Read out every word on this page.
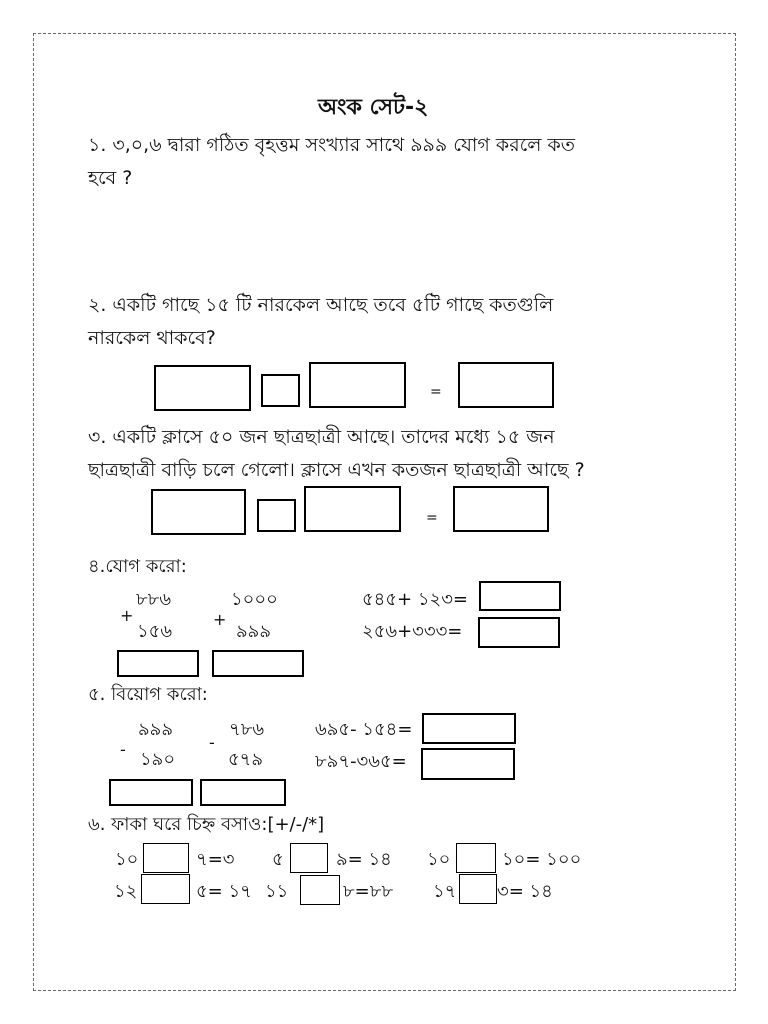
অংক সেট-২
১. ৩,০,৬ দ্বারা গঠিত বৃহত্তম সংখ্যার সাথে ৯৯৯ যোগ করলে কত
হবে ?
২. একটি গাছে ১৫ টি নারকেল আছে তবে ৫টি গাছে কতগুলি
নারকেল থাকবে?
=
৩. একটি ক্লাসে ৫০ জন ছাত্রছাত্রী আছে। তাদের মধ্যে ১৫ জন
ছাত্রছাত্রী বাড়ি চলে গেলো। ক্লাসে এখন কতজন ছাত্রছাত্রী আছে ?
=
৪.যোগ করো:
৮৮৬
+
১৫৬
১০০০
+
৯৯৯
৫৪৫+ ১২৩=
২৫৬+৩৩৩=
৫. বিয়োগ করো:
৯৯৯
- ১৯০
৭৮৬
-
৫৭৯
৬৯৫- ১৫৪=
৮৯৭-৩৬৫=
৬. ফাকা ঘরে চিহ্ন বসাও:[+/-/*]
১০	৭=৩ ৫	৯= ১৪ ১০	১০= ১০০
১২	৫= ১৭ ১১	৮=৮৮ ১৭ ৩= ১৪
